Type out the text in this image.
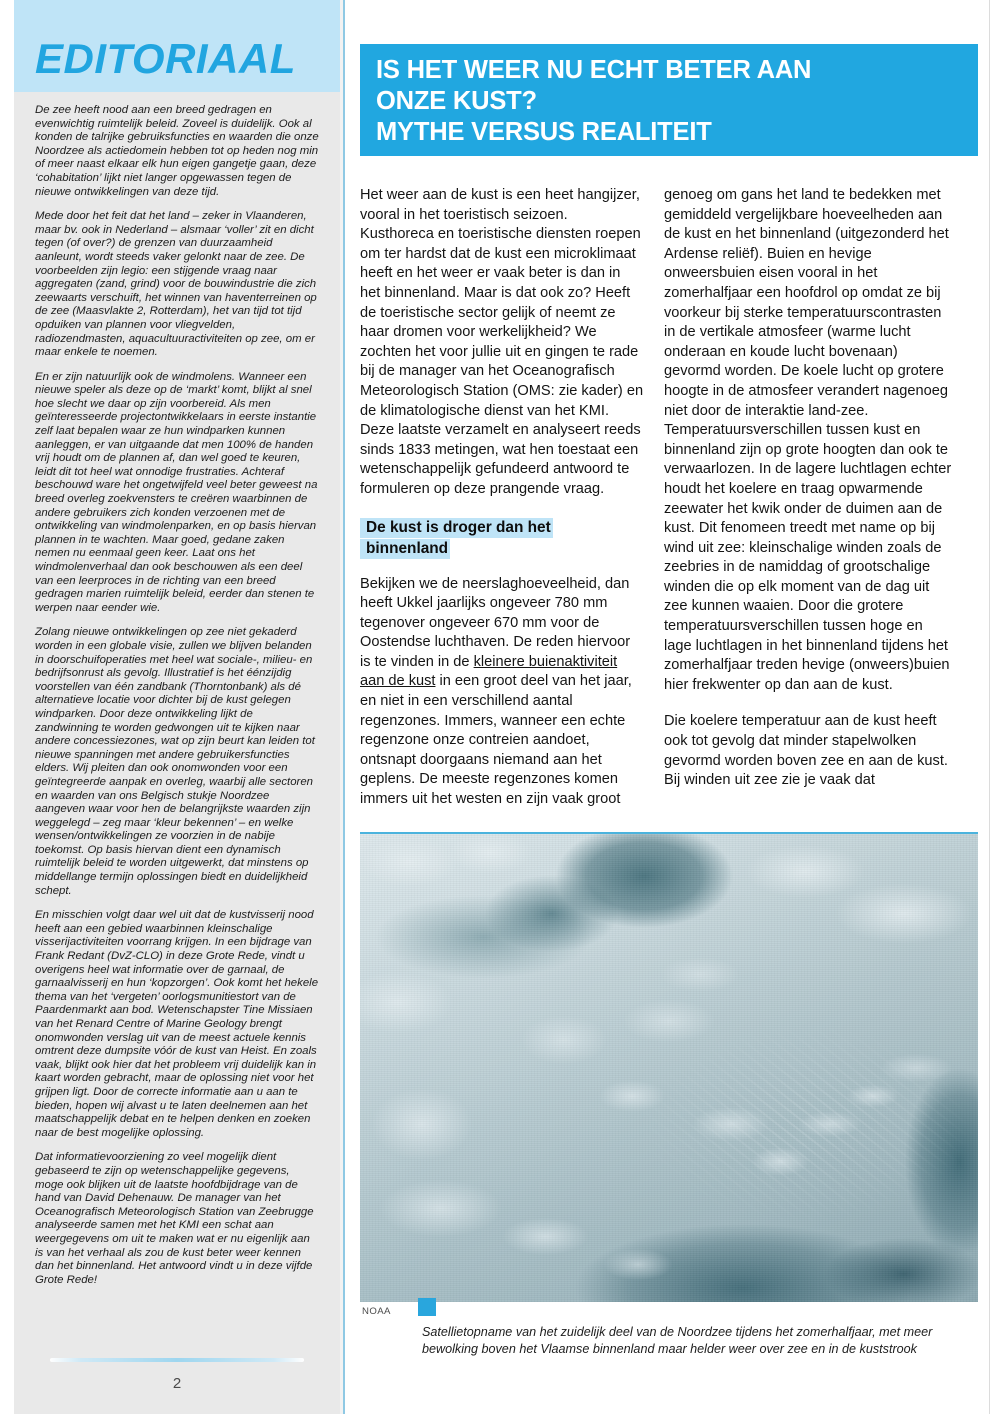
EDITORIAAL

De zee heeft nood aan een breed gedragen en evenwichtig ruimtelijk beleid. Zoveel is duidelijk. Ook al konden de talrijke gebruiksfuncties en waarden die onze Noordzee als actiedomein hebben tot op heden nog min of meer naast elkaar elk hun eigen gangetje gaan, deze ‘cohabitation’ lijkt niet langer opgewassen tegen de nieuwe ontwikkelingen van deze tijd.

Mede door het feit dat het land – zeker in Vlaanderen, maar bv. ook in Nederland – alsmaar ‘voller’ zit en dicht tegen (of over?) de grenzen van duurzaamheid aanleunt, wordt steeds vaker gelonkt naar de zee. De voorbeelden zijn legio: een stijgende vraag naar aggregaten (zand, grind) voor de bouwindustrie die zich zeewaarts verschuift, het winnen van haventerreinen op de zee (Maasvlakte 2, Rotterdam), het van tijd tot tijd opduiken van plannen voor vliegvelden, radiozendmasten, aquacultuuractiviteiten op zee, om er maar enkele te noemen.

En er zijn natuurlijk ook de windmolens. Wanneer een nieuwe speler als deze op de ‘markt’ komt, blijkt al snel hoe slecht we daar op zijn voorbereid. Als men geïnteresseerde projectontwikkelaars in eerste instantie zelf laat bepalen waar ze hun windparken kunnen aanleggen, er van uitgaande dat men 100% de handen vrij houdt om de plannen af, dan wel goed te keuren, leidt dit tot heel wat onnodige frustraties. Achteraf beschouwd ware het ongetwijfeld veel beter geweest na breed overleg zoekvensters te creëren waarbinnen de andere gebruikers zich konden verzoenen met de ontwikkeling van windmolenparken, en op basis hiervan plannen in te wachten. Maar goed, gedane zaken nemen nu eenmaal geen keer. Laat ons het windmolenverhaal dan ook beschouwen als een deel van een leerproces in de richting van een breed gedragen marien ruimtelijk beleid, eerder dan stenen te werpen naar eender wie.

Zolang nieuwe ontwikkelingen op zee niet gekaderd worden in een globale visie, zullen we blijven belanden in doorschuifoperaties met heel wat sociale-, milieu- en bedrijfsonrust als gevolg. Illustratief is het éénzijdig voorstellen van één zandbank (Thorntonbank) als dé alternatieve locatie voor dichter bij de kust gelegen windparken. Door deze ontwikkeling lijkt de zandwinning te worden gedwongen uit te kijken naar andere concessiezones, wat op zijn beurt kan leiden tot nieuwe spanningen met andere gebruikersfuncties elders. Wij pleiten dan ook onomwonden voor een geïntegreerde aanpak en overleg, waarbij alle sectoren en waarden van ons Belgisch stukje Noordzee aangeven waar voor hen de belangrijkste waarden zijn weggelegd – zeg maar ‘kleur bekennen’ – en welke wensen/ontwikkelingen ze voorzien in de nabije toekomst. Op basis hiervan dient een dynamisch ruimtelijk beleid te worden uitgewerkt, dat minstens op middellange termijn oplossingen biedt en duidelijkheid schept.

En misschien volgt daar wel uit dat de kustvisserij nood heeft aan een gebied waarbinnen kleinschalige visserijactiviteiten voorrang krijgen. In een bijdrage van Frank Redant (DvZ-CLO) in deze Grote Rede, vindt u overigens heel wat informatie over de garnaal, de garnaalvisserij en hun ‘kopzorgen’. Ook komt het hekele thema van het ‘vergeten’ oorlogsmunitiestort van de Paardenmarkt aan bod. Wetenschapster Tine Missiaen van het Renard Centre of Marine Geology brengt onomwonden verslag uit van de meest actuele kennis omtrent deze dumpsite vóór de kust van Heist. En zoals vaak, blijkt ook hier dat het probleem vrij duidelijk kan in kaart worden gebracht, maar de oplossing niet voor het grijpen ligt. Door de correcte informatie aan u aan te bieden, hopen wij alvast u te laten deelnemen aan het maatschappelijk debat en te helpen denken en zoeken naar de best mogelijke oplossing.

Dat informatievoorziening zo veel mogelijk dient gebaseerd te zijn op wetenschappelijke gegevens, moge ook blijken uit de laatste hoofdbijdrage van de hand van David Dehenauw. De manager van het Oceanografisch Meteorologisch Station van Zeebrugge analyseerde samen met het KMI een schat aan weergegevens om uit te maken wat er nu eigenlijk aan is van het verhaal als zou de kust beter weer kennen dan het binnenland. Het antwoord vindt u in deze vijfde Grote Rede!

2
IS HET WEER NU ECHT BETER AAN
ONZE KUST?
MYTHE VERSUS REALITEIT

Het weer aan de kust is een heet hangijzer, vooral in het toeristisch seizoen. Kusthoreca en toeristische diensten roepen om ter hardst dat de kust een microklimaat heeft en het weer er vaak beter is dan in het binnenland. Maar is dat ook zo? Heeft de toeristische sector gelijk of neemt ze haar dromen voor werkelijkheid? We zochten het voor jullie uit en gingen te rade bij de manager van het Oceanografisch Meteorologisch Station (OMS: zie kader) en de klimatologische dienst van het KMI. Deze laatste verzamelt en analyseert reeds sinds 1833 metingen, wat hen toestaat een wetenschappelijk gefundeerd antwoord te formuleren op deze prangende vraag.

De kust is droger dan het
binnenland

Bekijken we de neerslaghoeveelheid, dan heeft Ukkel jaarlijks ongeveer 780 mm tegenover ongeveer 670 mm voor de Oostendse luchthaven. De reden hiervoor is te vinden in de kleinere buienaktiviteit aan de kust in een groot deel van het jaar, en niet in een verschillend aantal regenzones. Immers, wanneer een echte regenzone onze contreien aandoet, ontsnapt doorgaans niemand aan het geplens. De meeste regenzones komen immers uit het westen en zijn vaak groot

genoeg om gans het land te bedekken met gemiddeld vergelijkbare hoeveelheden aan de kust en het binnenland (uitgezonderd het Ardense reliëf). Buien en hevige onweersbuien eisen vooral in het zomerhalfjaar een hoofdrol op omdat ze bij voorkeur bij sterke temperatuurscontrasten in de vertikale atmosfeer (warme lucht onderaan en koude lucht bovenaan) gevormd worden. De koele lucht op grotere hoogte in de atmosfeer verandert nagenoeg niet door de interaktie land-zee. Temperatuursverschillen tussen kust en binnenland zijn op grote hoogten dan ook te verwaarlozen. In de lagere luchtlagen echter houdt het koelere en traag opwarmende zeewater het kwik onder de duimen aan de kust. Dit fenomeen treedt met name op bij wind uit zee: kleinschalige winden zoals de zeebries in de namiddag of grootschalige winden die op elk moment van de dag uit zee kunnen waaien. Door die grotere temperatuursverschillen tussen hoge en lage luchtlagen in het binnenland tijdens het zomerhalfjaar treden hevige (onweers)buien hier frekwenter op dan aan de kust.

Die koelere temperatuur aan de kust heeft ook tot gevolg dat minder stapelwolken gevormd worden boven zee en aan de kust. Bij winden uit zee zie je vaak dat

NOAA
Satellietopname van het zuidelijk deel van de Noordzee tijdens het zomerhalfjaar, met meer bewolking boven het Vlaamse binnenland maar helder weer over zee en in de kuststrook
